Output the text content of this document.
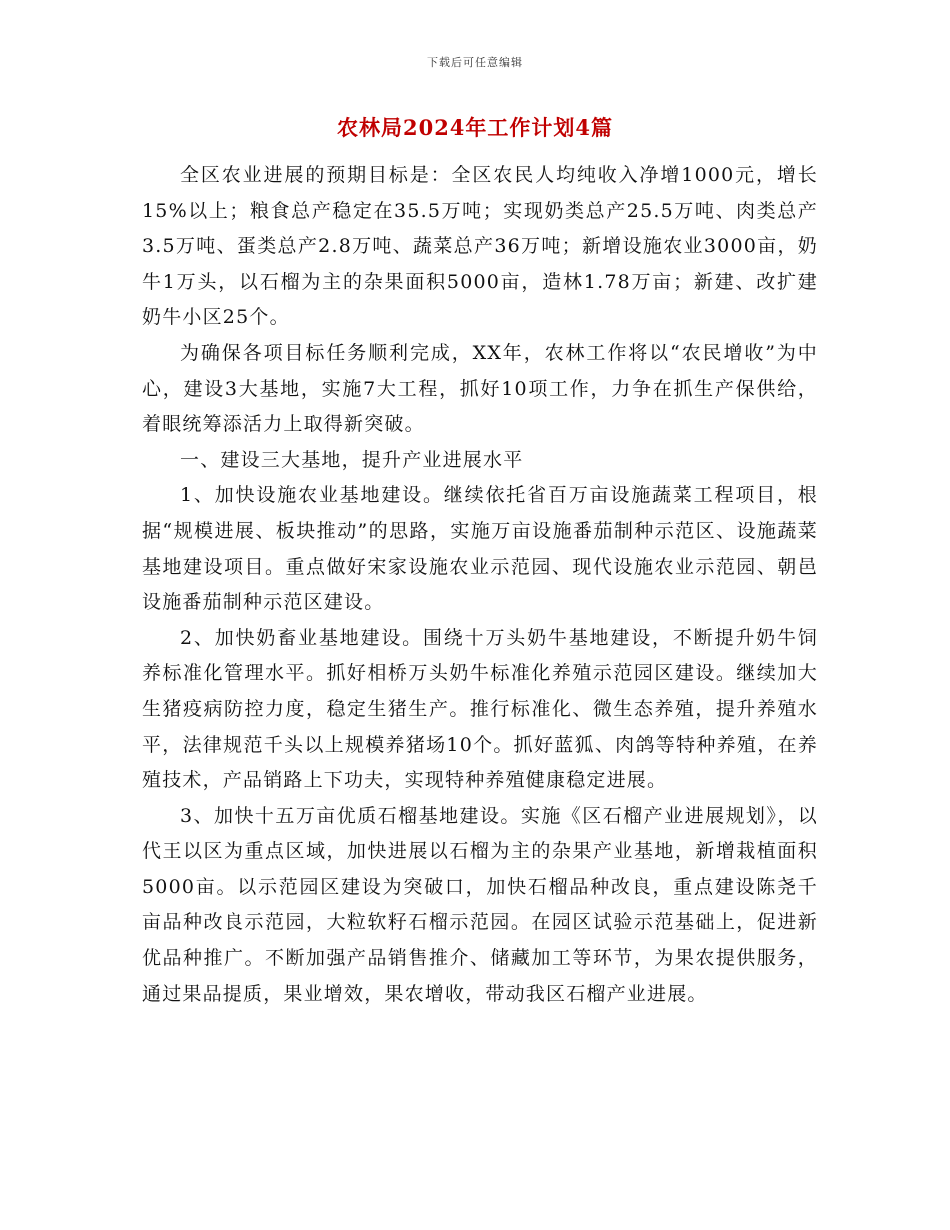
下载后可任意编辑
农林局2024年工作计划4篇

全区农业进展的预期目标是：全区农民人均纯收入净增1000元，增长15%以上；粮食总产稳定在35.5万吨；实现奶类总产25.5万吨、肉类总产3.5万吨、蛋类总产2.8万吨、蔬菜总产36万吨；新增设施农业3000亩，奶牛1万头，以石榴为主的杂果面积5000亩，造林1.78万亩；新建、改扩建奶牛小区25个。

为确保各项目标任务顺利完成，XX年，农林工作将以“农民增收”为中心，建设3大基地，实施7大工程，抓好10项工作，力争在抓生产保供给，着眼统筹添活力上取得新突破。

一、建设三大基地，提升产业进展水平

1、加快设施农业基地建设。继续依托省百万亩设施蔬菜工程项目，根据“规模进展、板块推动”的思路，实施万亩设施番茄制种示范区、设施蔬菜基地建设项目。重点做好宋家设施农业示范园、现代设施农业示范园、朝邑设施番茄制种示范区建设。

2、加快奶畜业基地建设。围绕十万头奶牛基地建设，不断提升奶牛饲养标准化管理水平。抓好相桥万头奶牛标准化养殖示范园区建设。继续加大生猪疫病防控力度，稳定生猪生产。推行标准化、微生态养殖，提升养殖水平，法律规范千头以上规模养猪场10个。抓好蓝狐、肉鸽等特种养殖，在养殖技术，产品销路上下功夫，实现特种养殖健康稳定进展。

3、加快十五万亩优质石榴基地建设。实施《区石榴产业进展规划》，以代王以区为重点区域，加快进展以石榴为主的杂果产业基地，新增栽植面积5000亩。以示范园区建设为突破口，加快石榴品种改良，重点建设陈尧千亩品种改良示范园，大粒软籽石榴示范园。在园区试验示范基础上，促进新优品种推广。不断加强产品销售推介、储藏加工等环节，为果农提供服务，通过果品提质，果业增效，果农增收，带动我区石榴产业进展。
